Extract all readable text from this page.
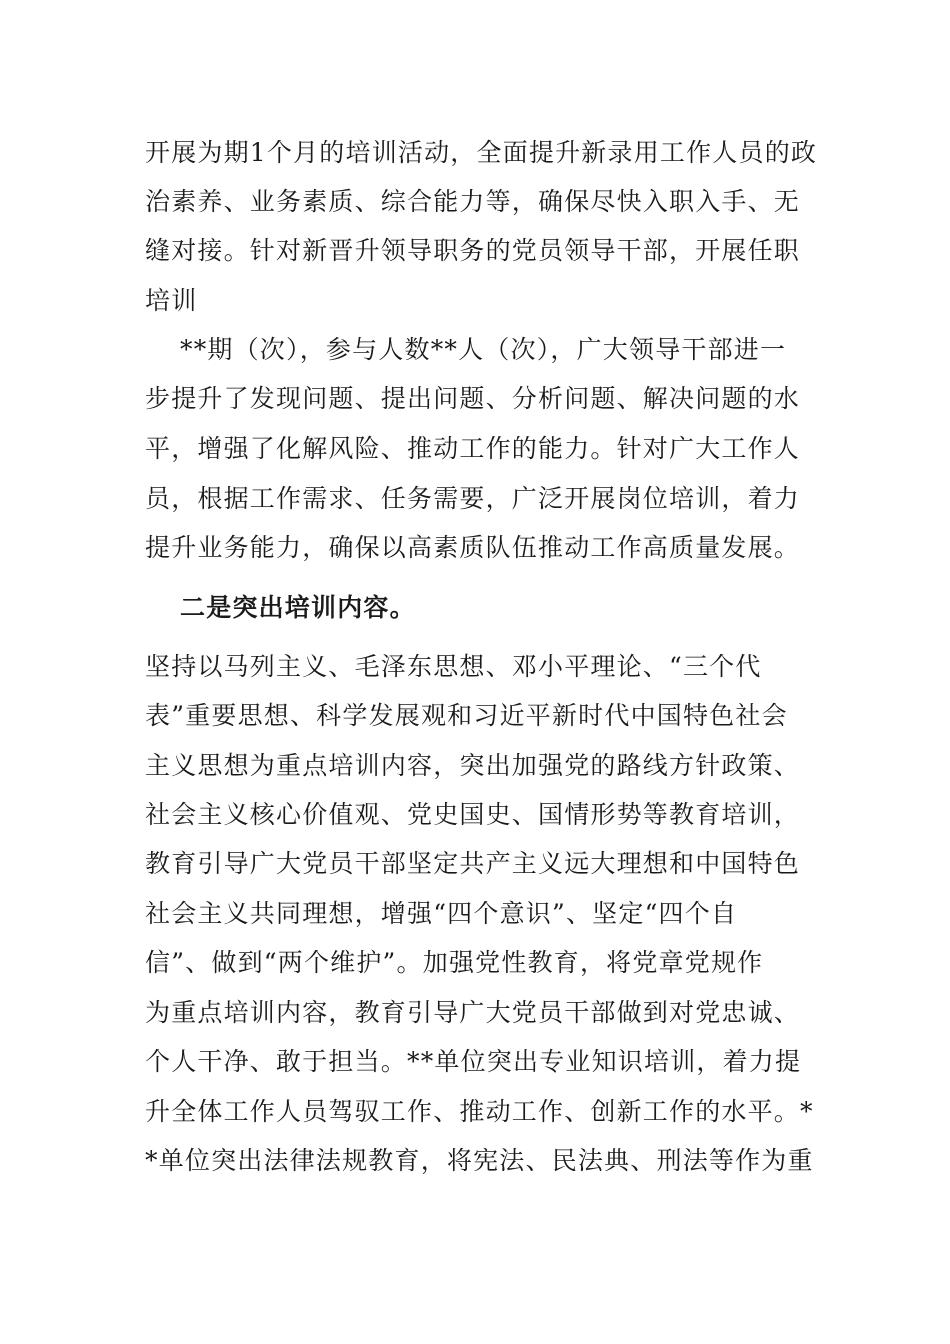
开展为期1个月的培训活动，全面提升新录用工作人员的政
治素养、业务素质、综合能力等，确保尽快入职入手、无
缝对接。针对新晋升领导职务的党员领导干部，开展任职
培训
**期（次），参与人数**人（次），广大领导干部进一
步提升了发现问题、提出问题、分析问题、解决问题的水
平，增强了化解风险、推动工作的能力。针对广大工作人
员，根据工作需求、任务需要，广泛开展岗位培训，着力
提升业务能力，确保以高素质队伍推动工作高质量发展。
二是突出培训内容。
坚持以马列主义、毛泽东思想、邓小平理论、“三个代
表”重要思想、科学发展观和习近平新时代中国特色社会
主义思想为重点培训内容，突出加强党的路线方针政策、
社会主义核心价值观、党史国史、国情形势等教育培训，
教育引导广大党员干部坚定共产主义远大理想和中国特色
社会主义共同理想，增强“四个意识”、坚定“四个自
信”、做到“两个维护”。加强党性教育，将党章党规作
为重点培训内容，教育引导广大党员干部做到对党忠诚、
个人干净、敢于担当。**单位突出专业知识培训，着力提
升全体工作人员驾驭工作、推动工作、创新工作的水平。*
*单位突出法律法规教育，将宪法、民法典、刑法等作为重
